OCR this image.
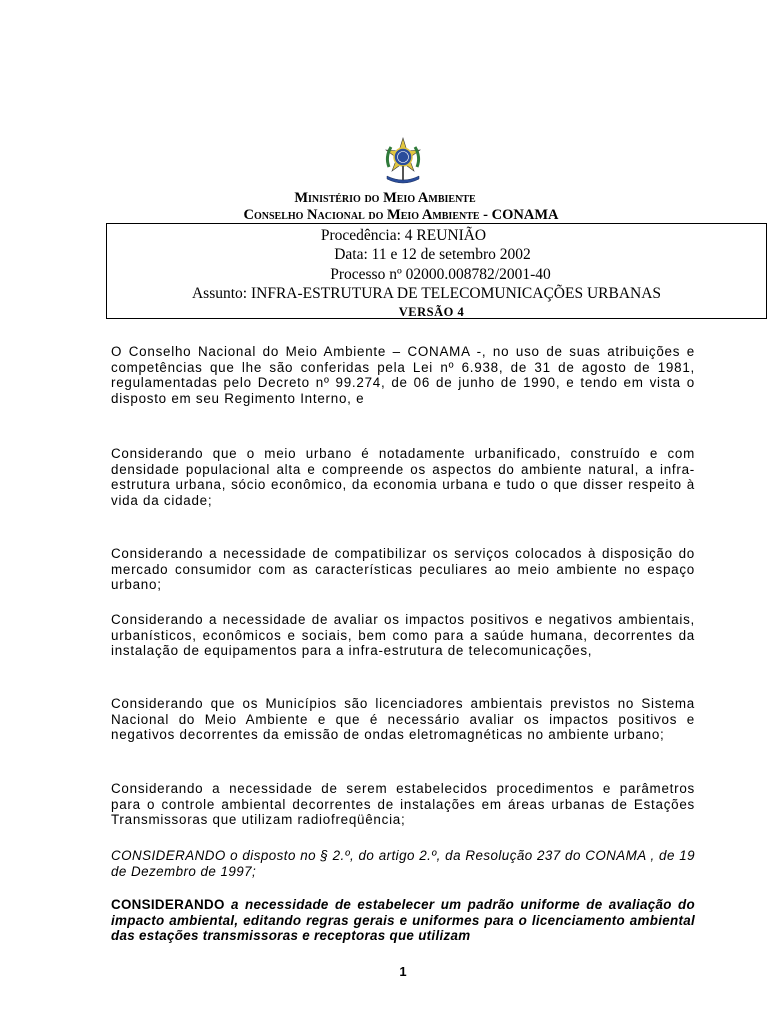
Ministério do Meio Ambiente
Conselho Nacional do Meio Ambiente - CONAMA
Procedência: 4 REUNIÃO
Data: 11 e 12 de setembro 2002
Processo nº 02000.008782/2001-40
Assunto: INFRA-ESTRUTURA DE TELECOMUNICAÇÕES URBANAS
VERSÃO 4

O Conselho Nacional do Meio Ambiente – CONAMA -, no uso de suas atribuições e competências que lhe são conferidas pela Lei nº 6.938, de 31 de agosto de 1981, regulamentadas pelo Decreto nº 99.274, de 06 de junho de 1990, e tendo em vista o disposto em seu Regimento Interno, e

Considerando que o meio urbano é notadamente urbanificado, construído e com densidade populacional alta e compreende os aspectos do ambiente natural, a infra-estrutura urbana, sócio econômico, da economia urbana e tudo o que disser respeito à vida da cidade;

Considerando a necessidade de compatibilizar os serviços colocados à disposição do mercado consumidor com as características peculiares ao meio ambiente no espaço urbano;

Considerando a necessidade de avaliar os impactos positivos e negativos ambientais, urbanísticos, econômicos e sociais, bem como para a saúde humana, decorrentes da instalação de equipamentos para a infra-estrutura de telecomunicações,

Considerando que os Municípios são licenciadores ambientais previstos no Sistema Nacional do Meio Ambiente e que é necessário avaliar os impactos positivos e negativos decorrentes da emissão de ondas eletromagnéticas no ambiente urbano;

Considerando a necessidade de serem estabelecidos procedimentos e parâmetros para o controle ambiental decorrentes de instalações em áreas urbanas de Estações Transmissoras que utilizam radiofreqüência;

CONSIDERANDO o disposto no § 2.º, do artigo 2.º, da Resolução 237 do CONAMA , de 19 de Dezembro de 1997;

CONSIDERANDO a necessidade de estabelecer um padrão uniforme de avaliação do impacto ambiental, editando regras gerais e uniformes para o licenciamento ambiental das estações transmissoras e receptoras que utilizam

1
